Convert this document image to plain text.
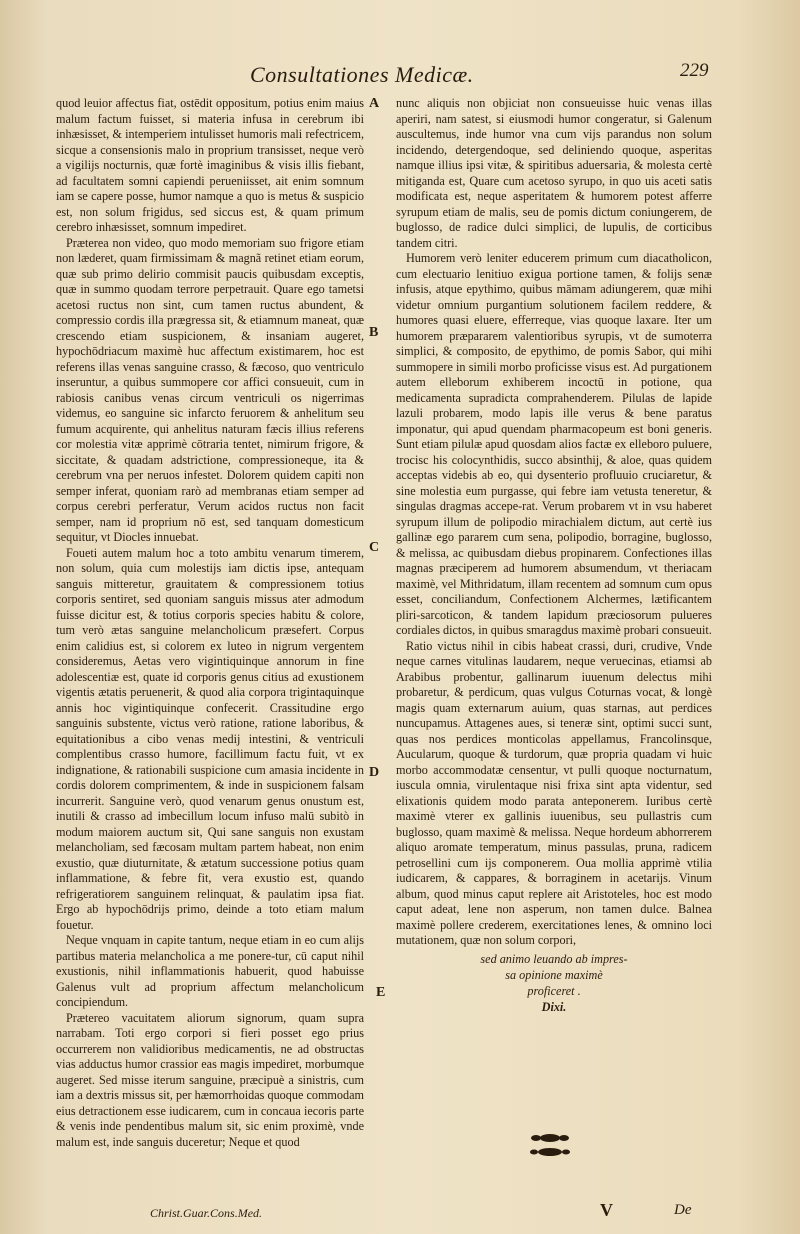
Consultationes Medicæ.	229
A
B
C
D
E

quod leuior affectus fiat, ostēdit oppositum, potius enim maius malum factum fuisset, si materia infusa in cerebrum ibi inhæsisset, & intemperiem intulisset humoris mali refectricem, sicque a consensionis malo in proprium transisset, neque verò a vigilijs nocturnis, quæ fortè imaginibus & visis illis fiebant, ad facultatem somni capiendi perueniisset, ait enim somnum iam se capere posse, humor namque a quo is metus & suspicio est, non solum frigidus, sed siccus est, & quam primum cerebro inhæsisset, somnum impediret.

Præterea non video, quo modo memoriam suo frigore etiam non læderet, quam firmissimam & magnã retinet etiam eorum, quæ sub primo delirio commisit paucis quibusdam exceptis, quæ in summo quodam terrore perpetrauit. Quare ego tametsi acetosi ructus non sint, cum tamen ructus abundent, & compressio cordis illa prægressa sit, & etiamnum maneat, quæ crescendo etiam suspicionem, & insaniam augeret, hypochōdriacum maximè huc affectum existimarem, hoc est referens illas venas sanguine crasso, & fæcoso, quo ventriculo inseruntur, a quibus summopere cor affici consueuit, cum in rabiosis canibus venas circum ventriculi os nigerrimas videmus, eo sanguine sic infarcto feruorem & anhelitum seu fumum acquirente, qui anhelitus naturam fæcis illius referens cor molestia vitæ apprimè cōtraria tentet, nimirum frigore, & siccitate, & quadam adstrictione, compressioneque, ita & cerebrum vna per neruos infestet. Dolorem quidem capiti non semper inferat, quoniam rarò ad membranas etiam semper ad corpus cerebri perferatur, Verum acidos ructus non facit semper, nam id proprium nō est, sed tanquam domesticum sequitur, vt Diocles innuebat.

Foueti autem malum hoc a toto ambitu venarum timerem, non solum, quia cum molestijs iam dictis ipse, antequam sanguis mitteretur, grauitatem & compressionem totius corporis sentiret, sed quoniam sanguis missus ater admodum fuisse dicitur est, & totius corporis species habitu & colore, tum verò ætas sanguine melancholicum præsefert. Corpus enim calidius est, si colorem ex luteo in nigrum vergentem consideremus, Aetas vero vigintiquinque annorum in fine adolescentiæ est, quate id corporis genus citius ad exustionem vigentis ætatis peruenerit, & quod alia corpora trigintaquinque annis hoc vigintiquinque confecerit. Crassitudine ergo sanguinis substente, victus verò ratione, ratione laboribus, & equitationibus a cibo venas medij intestini, & ventriculi complentibus crasso humore, facillimum factu fuit, vt ex indignatione, & rationabili suspicione cum amasia incidente in cordis dolorem comprimentem, & inde in suspicionem falsam incurrerit. Sanguine verò, quod venarum genus onustum est, inutili & crasso ad imbecillum locum infuso malū subitò in modum maiorem auctum sit, Qui sane sanguis non exustam melancholiam, sed fæcosam multam partem habeat, non enim exustio, quæ diuturnitate, & ætatum successione potius quam inflammatione, & febre fit, vera exustio est, quando refrigeratiorem sanguinem relinquat, & paulatim ipsa fiat. Ergo ab hypochōdrijs primo, deinde a toto etiam malum fouetur.

Neque vnquam in capite tantum, neque etiam in eo cum alijs partibus materia melancholica a me ponere-tur, cū caput nihil exustionis, nihil inflammationis habuerit, quod habuisse Galenus vult ad proprium affectum melancholicum concipiendum.

Prætereo vacuitatem aliorum signorum, quam supra narrabam. Toti ergo corpori si fieri posset ego prius occurrerem non validioribus medicamentis, ne ad obstructas vias adductus humor crassior eas magis impediret, morbumque augeret. Sed misse iterum sanguine, præcipuè a sinistris, cum iam a dextris missus sit, per hæmorrhoidas quoque commodam eius detractionem esse iudicarem, cum in concaua iecoris parte & venis inde pendentibus malum sit, sic enim proximè, vnde malum est, inde sanguis duceretur; Neque et quod

nunc aliquis non objiciat non consueuisse huic venas illas aperiri, nam satest, si eiusmodi humor congeratur, si Galenum auscultemus, inde humor vna cum vijs parandus non solum incidendo, detergendoque, sed deliniendo quoque, asperitas namque illius ipsi vitæ, & spiritibus aduersaria, & molesta certè mitiganda est, Quare cum acetoso syrupo, in quo uis aceti satis modificata est, neque asperitatem & humorem potest afferre syrupum etiam de malis, seu de pomis dictum coniungerem, de buglosso, de radice dulci simplici, de lupulis, de corticibus tandem citri.

Humorem verò leniter educerem primum cum diacatholicon, cum electuario lenitiuo exigua portione tamen, & folijs senæ infusis, atque epythimo, quibus māmam adiungerem, quæ mihi videtur omnium purgantium solutionem facilem reddere, & humores quasi eluere, efferreque, vias quoque laxare. Iter um humorem præpararem valentioribus syrupis, vt de sumoterra simplici, & composito, de epythimo, de pomis Sabor, qui mihi summopere in simili morbo proficisse visus est. Ad purgationem autem elleborum exhiberem incoctū in potione, qua medicamenta supradicta comprahenderem. Pilulas de lapide lazuli probarem, modo lapis ille verus & bene paratus imponatur, qui apud quendam pharmacopeum est boni generis. Sunt etiam pilulæ apud quosdam alios factæ ex elleboro puluere, trocisc his colocynthidis, succo absinthij, & aloe, quas quidem acceptas videbis ab eo, qui dysenterio profluuio cruciaretur, & sine molestia eum purgasse, qui febre iam vetusta teneretur, & singulas dragmas accepe-rat. Verum probarem vt in vsu haberet syrupum illum de polipodio mirachialem dictum, aut certè ius gallinæ ego pararem cum sena, polipodio, borragine, buglosso, & melissa, ac quibusdam diebus propinarem. Confectiones illas magnas præciperem ad humorem absumendum, vt theriacam maximè, vel Mithridatum, illam recentem ad somnum cum opus esset, conciliandum, Confectionem Alchermes, lætificantem pliri-sarcoticon, & tandem lapidum præciosorum pulueres cordiales dictos, in quibus smaragdus maximè probari consueuit.

Ratio victus nihil in cibis habeat crassi, duri, crudive, Vnde neque carnes vitulinas laudarem, neque veruecinas, etiamsi ab Arabibus probentur, gallinarum iuuenum delectus mihi probaretur, & perdicum, quas vulgus Coturnas vocat, & longè magis quam externarum auium, quas starnas, aut perdices nuncupamus. Attagenes aues, si teneræ sint, optimi succi sunt, quas nos perdices monticolas appellamus, Francolinsque, Aucularum, quoque & turdorum, quæ propria quadam vi huic morbo accommodatæ censentur, vt pulli quoque nocturnatum, iuscula omnia, virulentaque nisi frixa sint apta videntur, sed elixationis quidem modo parata anteponerem. Iuribus certè maximè vterer ex gallinis iuuenibus, seu pullastris cum buglosso, quam maximè & melissa. Neque hordeum abhorrerem aliquo aromate temperatum, minus passulas, pruna, radicem petrosellini cum ijs componerem. Oua mollia apprimè vtilia iudicarem, & cappares, & borraginem in acetarijs. Vinum album, quod minus caput replere ait Aristoteles, hoc est modo caput adeat, lene non asperum, non tamen dulce. Balnea maximè pollere crederem, exercitationes lenes, & omnino loci mutationem, quæ non solum corpori,

sed animo leuando ab impres-
sa opinione maximè
proficeret .
Dixi.
Christ.Guar.Cons.Med.	V	De
